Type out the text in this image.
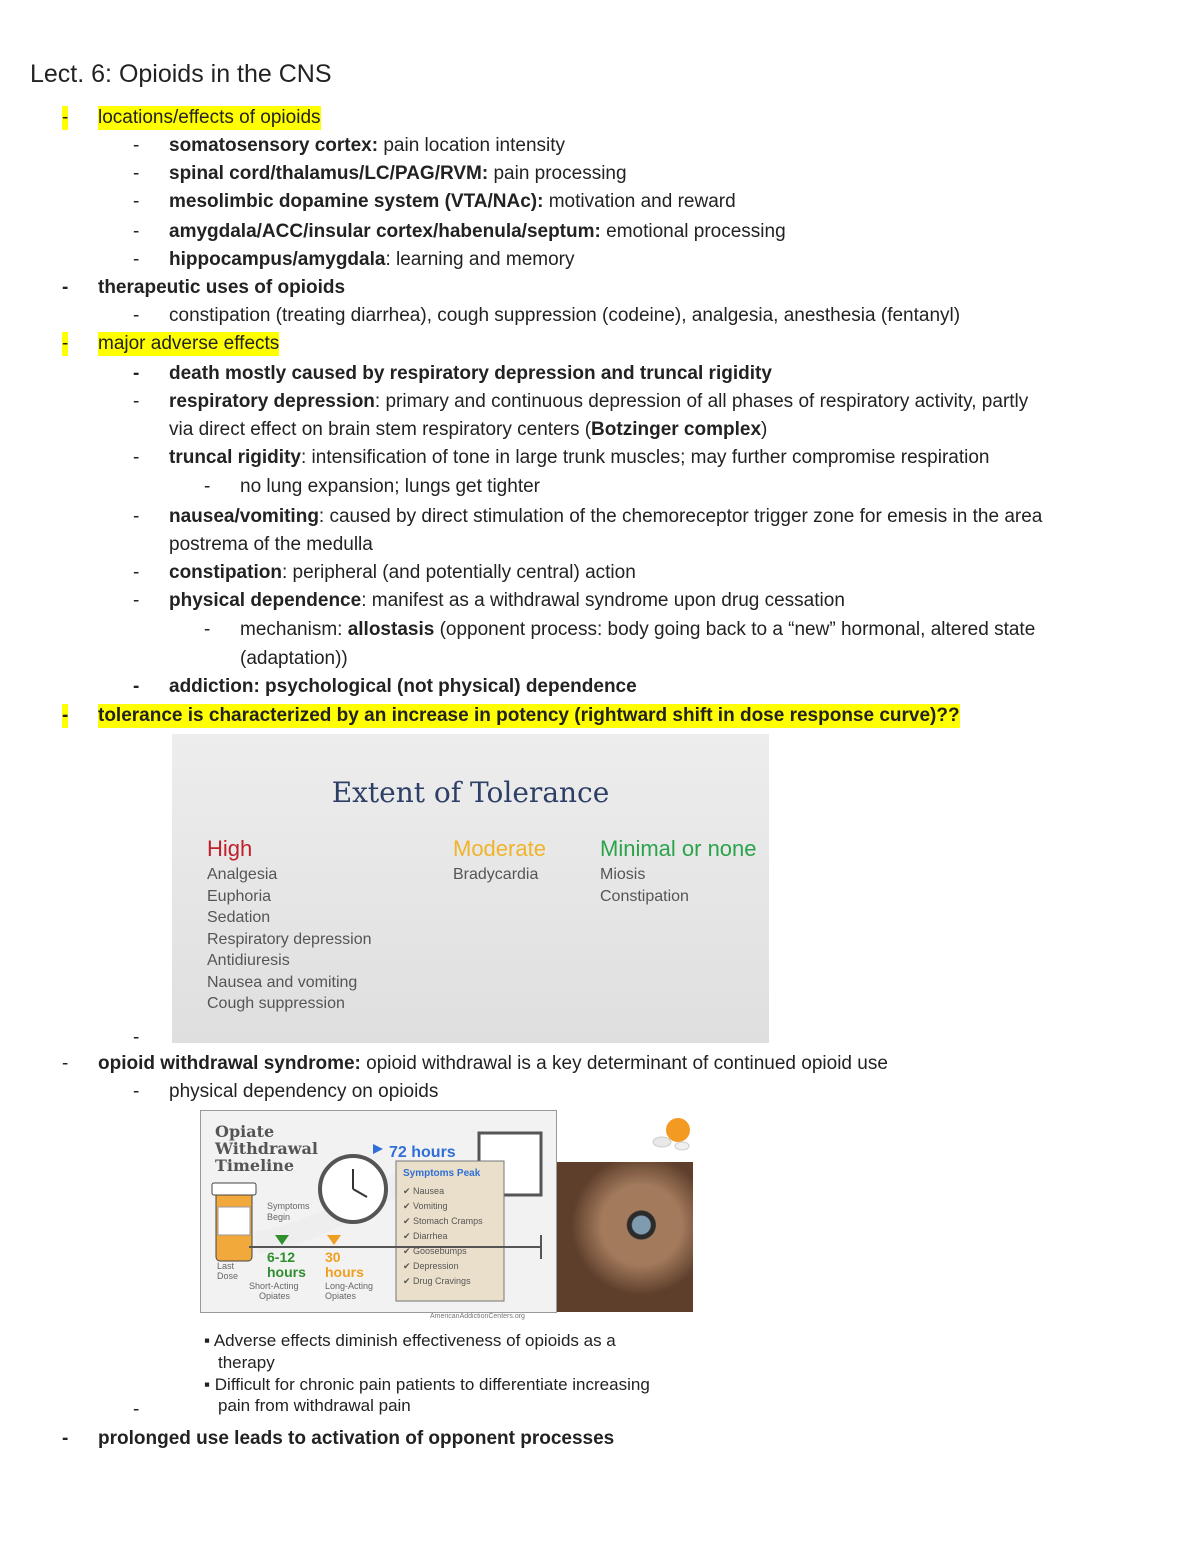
Lect. 6: Opioids in the CNS
- locations/effects of opioids
- somatosensory cortex: pain location intensity
- spinal cord/thalamus/LC/PAG/RVM: pain processing
- mesolimbic dopamine system (VTA/NAc): motivation and reward
- amygdala/ACC/insular cortex/habenula/septum: emotional processing
- hippocampus/amygdala: learning and memory
- therapeutic uses of opioids
- constipation (treating diarrhea), cough suppression (codeine), analgesia, anesthesia (fentanyl)
- major adverse effects
- death mostly caused by respiratory depression and truncal rigidity
- respiratory depression: primary and continuous depression of all phases of respiratory activity, partly
via direct effect on brain stem respiratory centers (Botzinger complex)
- truncal rigidity: intensification of tone in large trunk muscles; may further compromise respiration
- no lung expansion; lungs get tighter
- nausea/vomiting: caused by direct stimulation of the chemoreceptor trigger zone for emesis in the area
postrema of the medulla
- constipation: peripheral (and potentially central) action
- physical dependence: manifest as a withdrawal syndrome upon drug cessation
- mechanism: allostasis (opponent process: body going back to a “new” hormonal, altered state
(adaptation))
- addiction: psychological (not physical) dependence
- tolerance is characterized by an increase in potency (rightward shift in dose response curve)??
Extent of Tolerance
High
Analgesia
Euphoria
Sedation
Respiratory depression
Antidiuresis
Nausea and vomiting
Cough suppression
Moderate
Bradycardia
Minimal or none
Miosis
Constipation
-
- opioid withdrawal syndrome: opioid withdrawal is a key determinant of continued opioid use
- physical dependency on opioids
Opiate
Withdrawal
Timeline
72 hours
Symptoms Peak
✔ Nausea
✔ Vomiting
✔ Stomach Cramps
✔ Diarrhea
✔ Goosebumps
✔ Depression
✔ Drug Cravings
Symptoms
Begin
Last
Dose
6-12
hours
Short-Acting
Opiates
30
hours
Long-Acting
Opiates
AmericanAddictionCenters.org
▪ Adverse effects diminish effectiveness of opioids as a
therapy
▪ Difficult for chronic pain patients to differentiate increasing
pain from withdrawal pain
-
- prolonged use leads to activation of opponent processes
